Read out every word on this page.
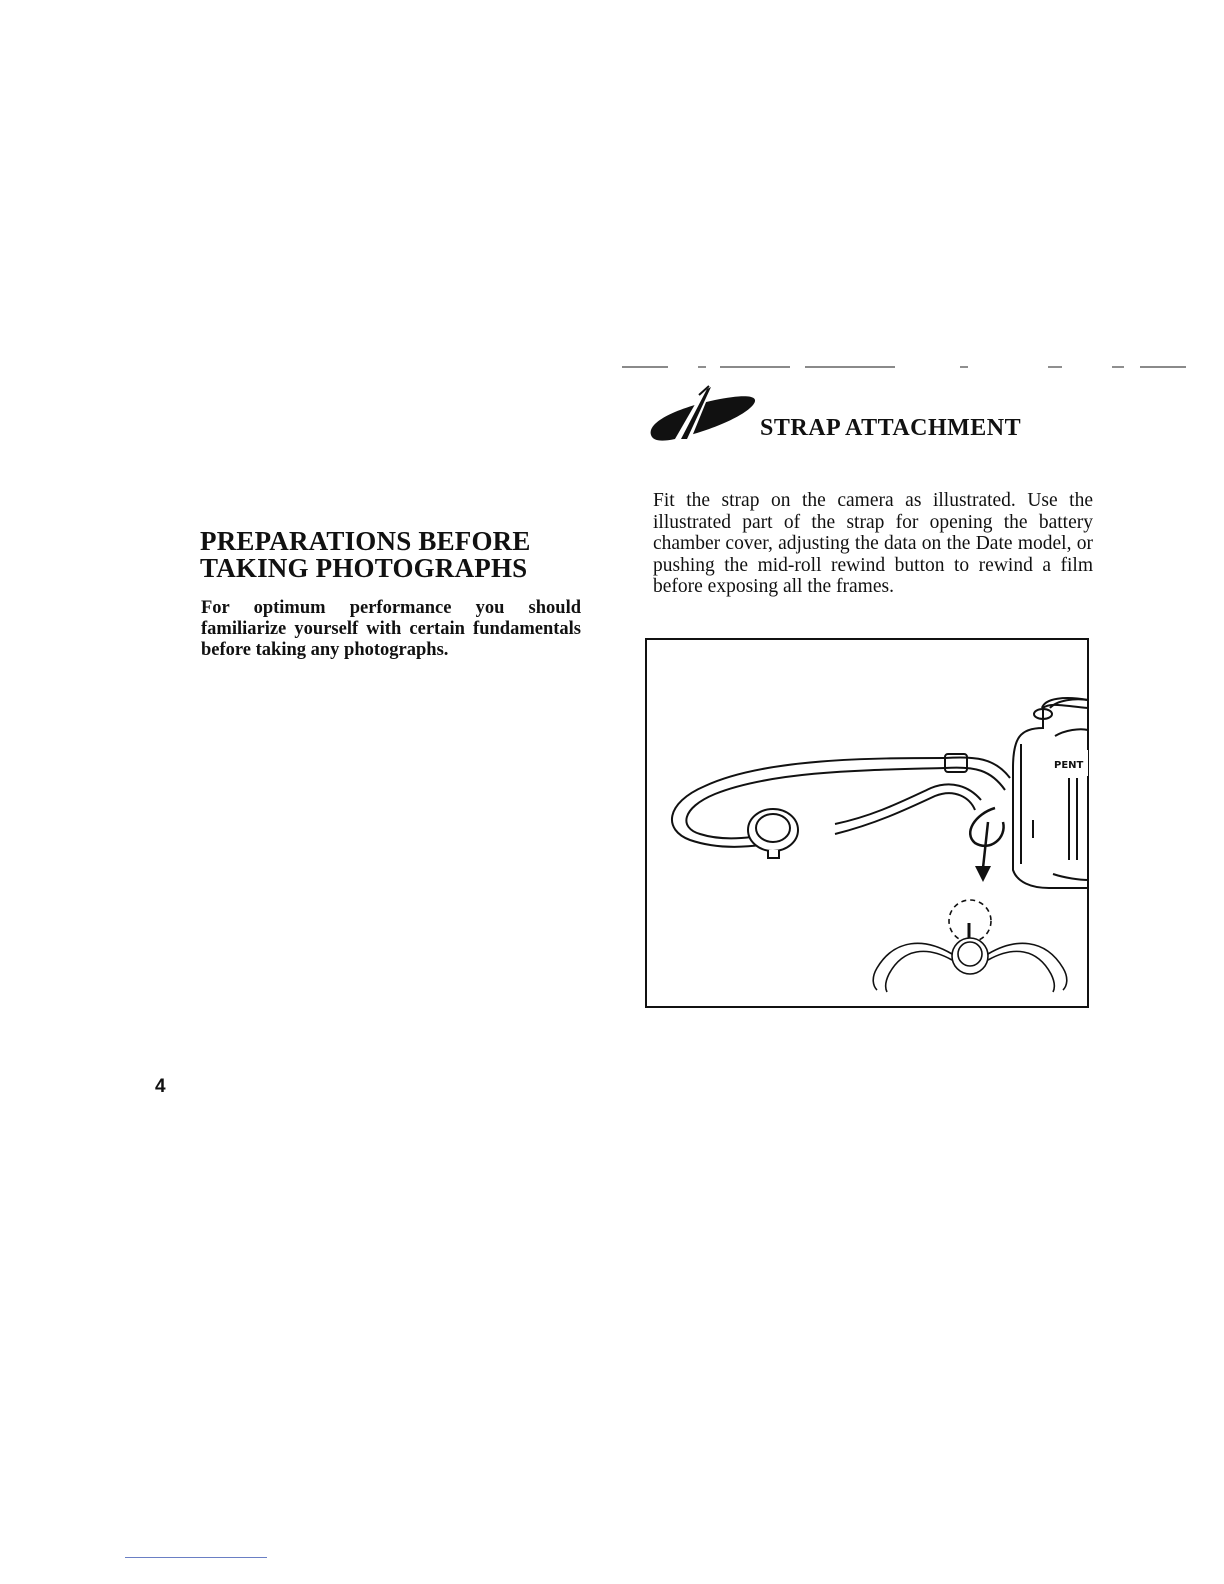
PREPARATIONS BEFORE
TAKING PHOTOGRAPHS

For optimum performance you should familiarize yourself with certain fundamentals before taking any photographs.

STRAP ATTACHMENT

Fit the strap on the camera as illustrated. Use the illustrated part of the strap for opening the battery chamber cover, adjusting the data on the Date model, or pushing the mid-roll rewind button to rewind a film before exposing all the frames.

PENT
4
